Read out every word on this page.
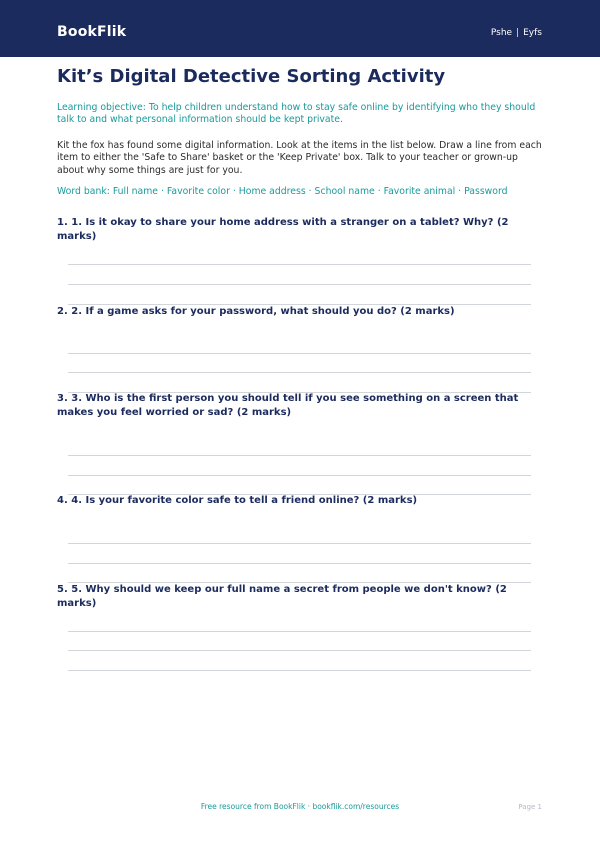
BookFlik	Pshe | Eyfs
Kit’s Digital Detective Sorting Activity
Learning objective: To help children understand how to stay safe online by identifying who they should talk to and what personal information should be kept private.
Kit the fox has found some digital information. Look at the items in the list below. Draw a line from each item to either the 'Safe to Share' basket or the 'Keep Private' box. Talk to your teacher or grown-up about why some things are just for you.
Word bank: Full name · Favorite color · Home address · School name · Favorite animal · Password
1. 1. Is it okay to share your home address with a stranger on a tablet? Why? (2 marks)
2. 2. If a game asks for your password, what should you do? (2 marks)
3. 3. Who is the first person you should tell if you see something on a screen that makes you feel worried or sad? (2 marks)
4. 4. Is your favorite color safe to tell a friend online? (2 marks)
5. 5. Why should we keep our full name a secret from people we don't know? (2 marks)
Free resource from BookFlik · bookflik.com/resources	Page 1
